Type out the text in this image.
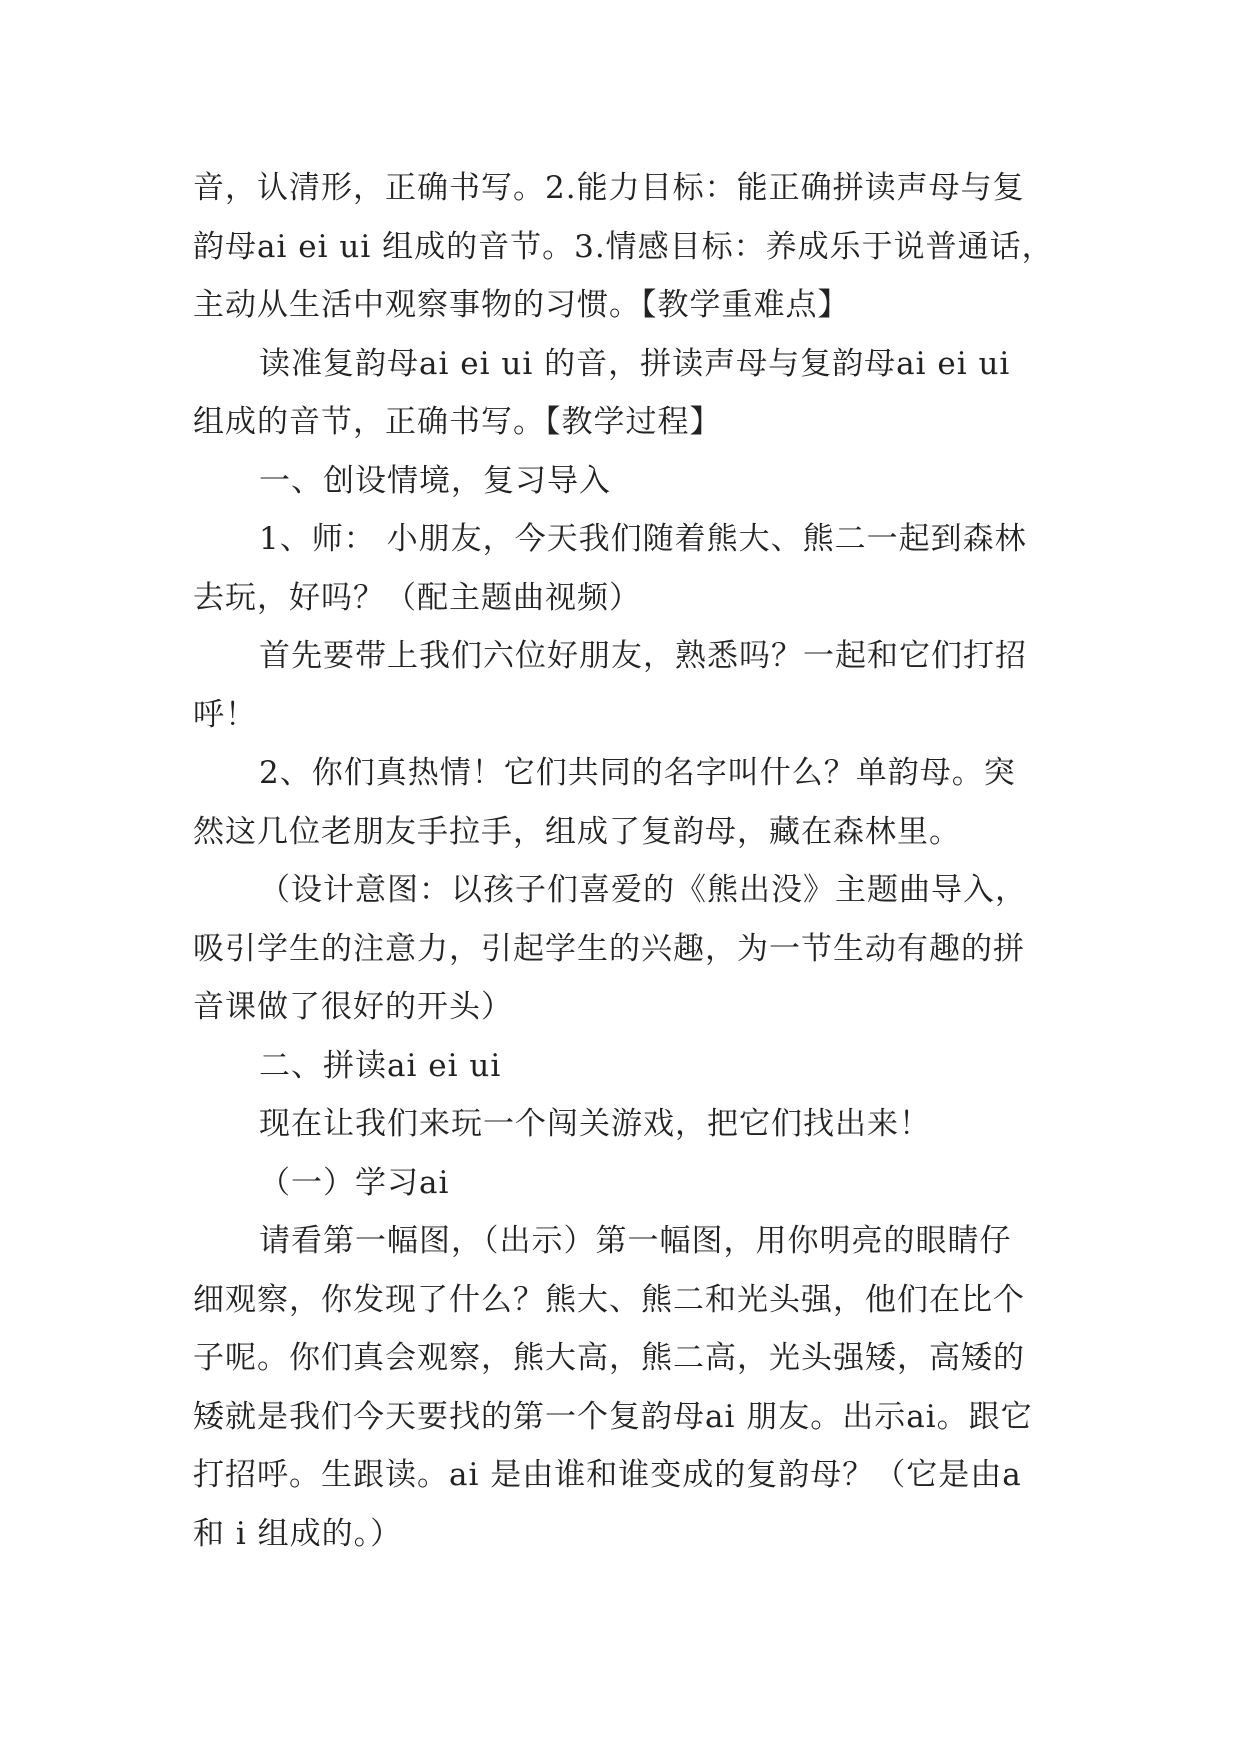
音，认清形，正确书写。2.能力目标：能正确拼读声母与复
韵母ai ei ui 组成的音节。3.情感目标：养成乐于说普通话，
主动从生活中观察事物的习惯。【教学重难点】
读准复韵母ai ei ui 的音，拼读声母与复韵母ai ei ui
组成的音节，正确书写。【教学过程】
一、创设情境，复习导入
1、师： 小朋友，今天我们随着熊大、熊二一起到森林
去玩，好吗？（配主题曲视频）
首先要带上我们六位好朋友，熟悉吗？一起和它们打招
呼！
2、你们真热情！它们共同的名字叫什么？单韵母。突
然这几位老朋友手拉手，组成了复韵母，藏在森林里。
（设计意图：以孩子们喜爱的《熊出没》主题曲导入，
吸引学生的注意力，引起学生的兴趣，为一节生动有趣的拼
音课做了很好的开头）
二、拼读ai ei ui
现在让我们来玩一个闯关游戏，把它们找出来！
（一）学习ai
请看第一幅图，（出示）第一幅图，用你明亮的眼睛仔
细观察，你发现了什么？熊大、熊二和光头强，他们在比个
子呢。你们真会观察，熊大高，熊二高，光头强矮，高矮的
矮就是我们今天要找的第一个复韵母ai 朋友。出示ai。跟它
打招呼。生跟读。ai 是由谁和谁变成的复韵母？（它是由a
和 i 组成的。）
